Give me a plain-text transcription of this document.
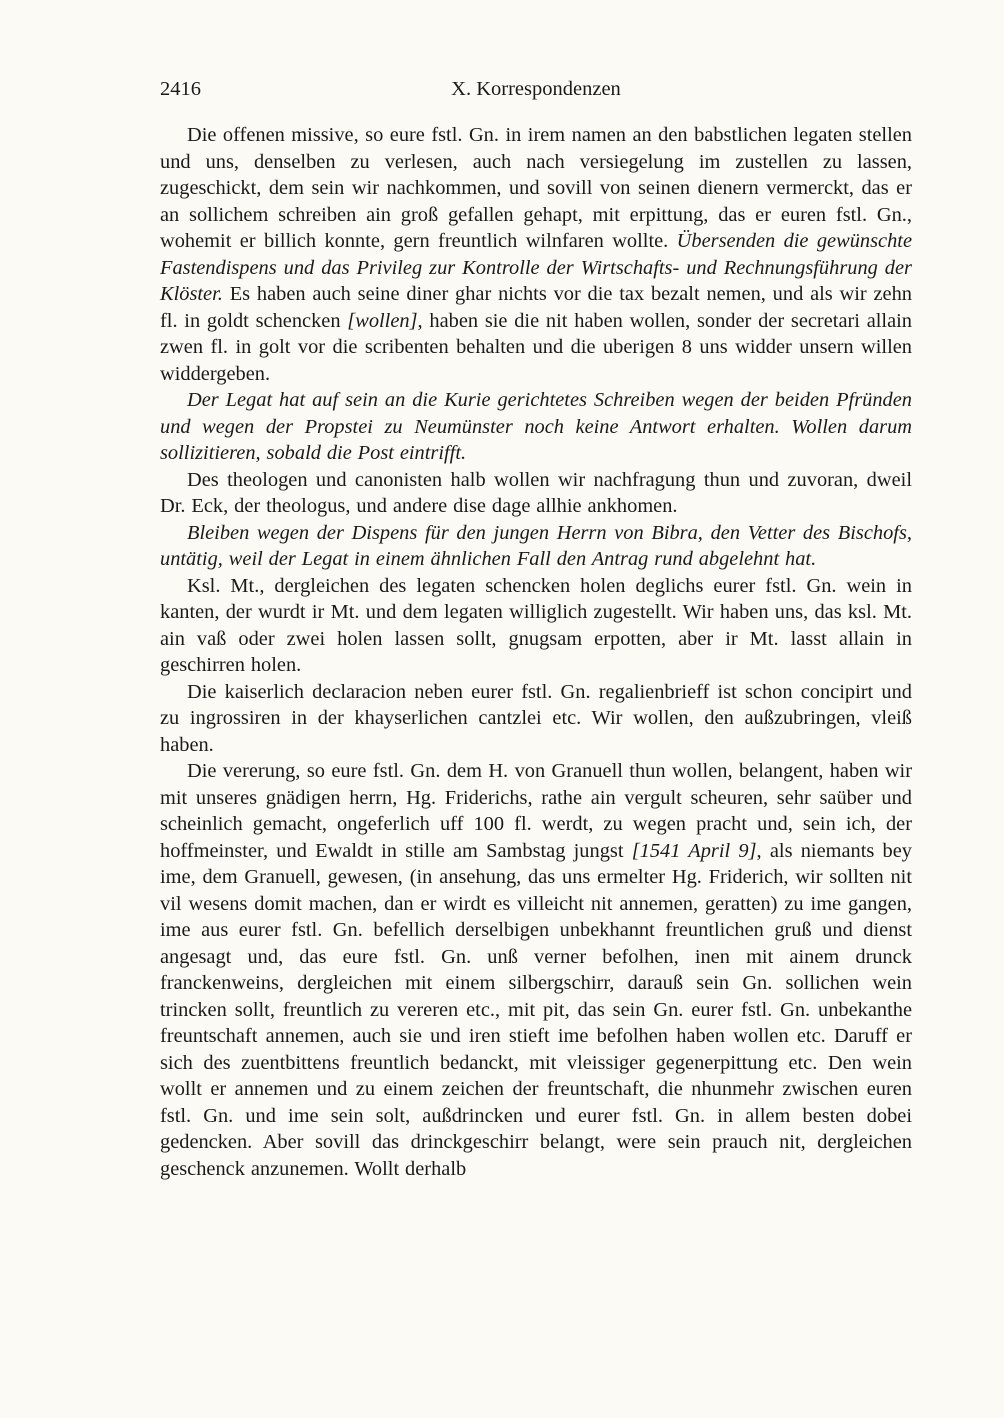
2416	X. Korrespondenzen

Die offenen missive, so eure fstl. Gn. in irem namen an den babstlichen legaten stellen und uns, denselben zu verlesen, auch nach versiegelung im zustellen zu lassen, zugeschickt, dem sein wir nachkommen, und sovill von seinen dienern vermerckt, das er an sollichem schreiben ain groß gefallen gehapt, mit erpittung, das er euren fstl. Gn., wohemit er billich konnte, gern freuntlich wilnfaren wollte. Übersenden die gewünschte Fastendispens und das Privileg zur Kontrolle der Wirtschafts- und Rechnungsführung der Klöster. Es haben auch seine diner ghar nichts vor die tax bezalt nemen, und als wir zehn fl. in goldt schencken [wollen], haben sie die nit haben wollen, sonder der secretari allain zwen fl. in golt vor die scribenten behalten und die uberigen 8 uns widder unsern willen widdergeben.

Der Legat hat auf sein an die Kurie gerichtetes Schreiben wegen der beiden Pfründen und wegen der Propstei zu Neumünster noch keine Antwort erhalten. Wollen darum sollizitieren, sobald die Post eintrifft.

Des theologen und canonisten halb wollen wir nachfragung thun und zuvoran, dweil Dr. Eck, der theologus, und andere dise dage allhie ankhomen.

Bleiben wegen der Dispens für den jungen Herrn von Bibra, den Vetter des Bischofs, untätig, weil der Legat in einem ähnlichen Fall den Antrag rund abgelehnt hat.

Ksl. Mt., dergleichen des legaten schencken holen deglichs eurer fstl. Gn. wein in kanten, der wurdt ir Mt. und dem legaten williglich zugestellt. Wir haben uns, das ksl. Mt. ain vaß oder zwei holen lassen sollt, gnugsam erpotten, aber ir Mt. lasst allain in geschirren holen.

Die kaiserlich declaracion neben eurer fstl. Gn. regalienbrieff ist schon concipirt und zu ingrossiren in der khayserlichen cantzlei etc. Wir wollen, den außzubringen, vleiß haben.

Die vererung, so eure fstl. Gn. dem H. von Granuell thun wollen, belangent, haben wir mit unseres gnädigen herrn, Hg. Friderichs, rathe ain vergult scheuren, sehr saüber und scheinlich gemacht, ongeferlich uff 100 fl. werdt, zu wegen pracht und, sein ich, der hoffmeinster, und Ewaldt in stille am Sambstag jungst [1541 April 9], als niemants bey ime, dem Granuell, gewesen, (in ansehung, das uns ermelter Hg. Friderich, wir sollten nit vil wesens domit machen, dan er wirdt es villeicht nit annemen, geratten) zu ime gangen, ime aus eurer fstl. Gn. befellich derselbigen unbekhannt freuntlichen gruß und dienst angesagt und, das eure fstl. Gn. unß verner befolhen, inen mit ainem drunck franckenweins, dergleichen mit einem silbergschirr, darauß sein Gn. sollichen wein trincken sollt, freuntlich zu vereren etc., mit pit, das sein Gn. eurer fstl. Gn. unbekanthe freuntschaft annemen, auch sie und iren stieft ime befolhen haben wollen etc. Daruff er sich des zuentbittens freuntlich bedanckt, mit vleissiger gegenerpittung etc. Den wein wollt er annemen und zu einem zeichen der freuntschaft, die nhunmehr zwischen euren fstl. Gn. und ime sein solt, außdrincken und eurer fstl. Gn. in allem besten dobei gedencken. Aber sovill das drinckgeschirr belangt, were sein prauch nit, dergleichen geschenck anzunemen. Wollt derhalb
